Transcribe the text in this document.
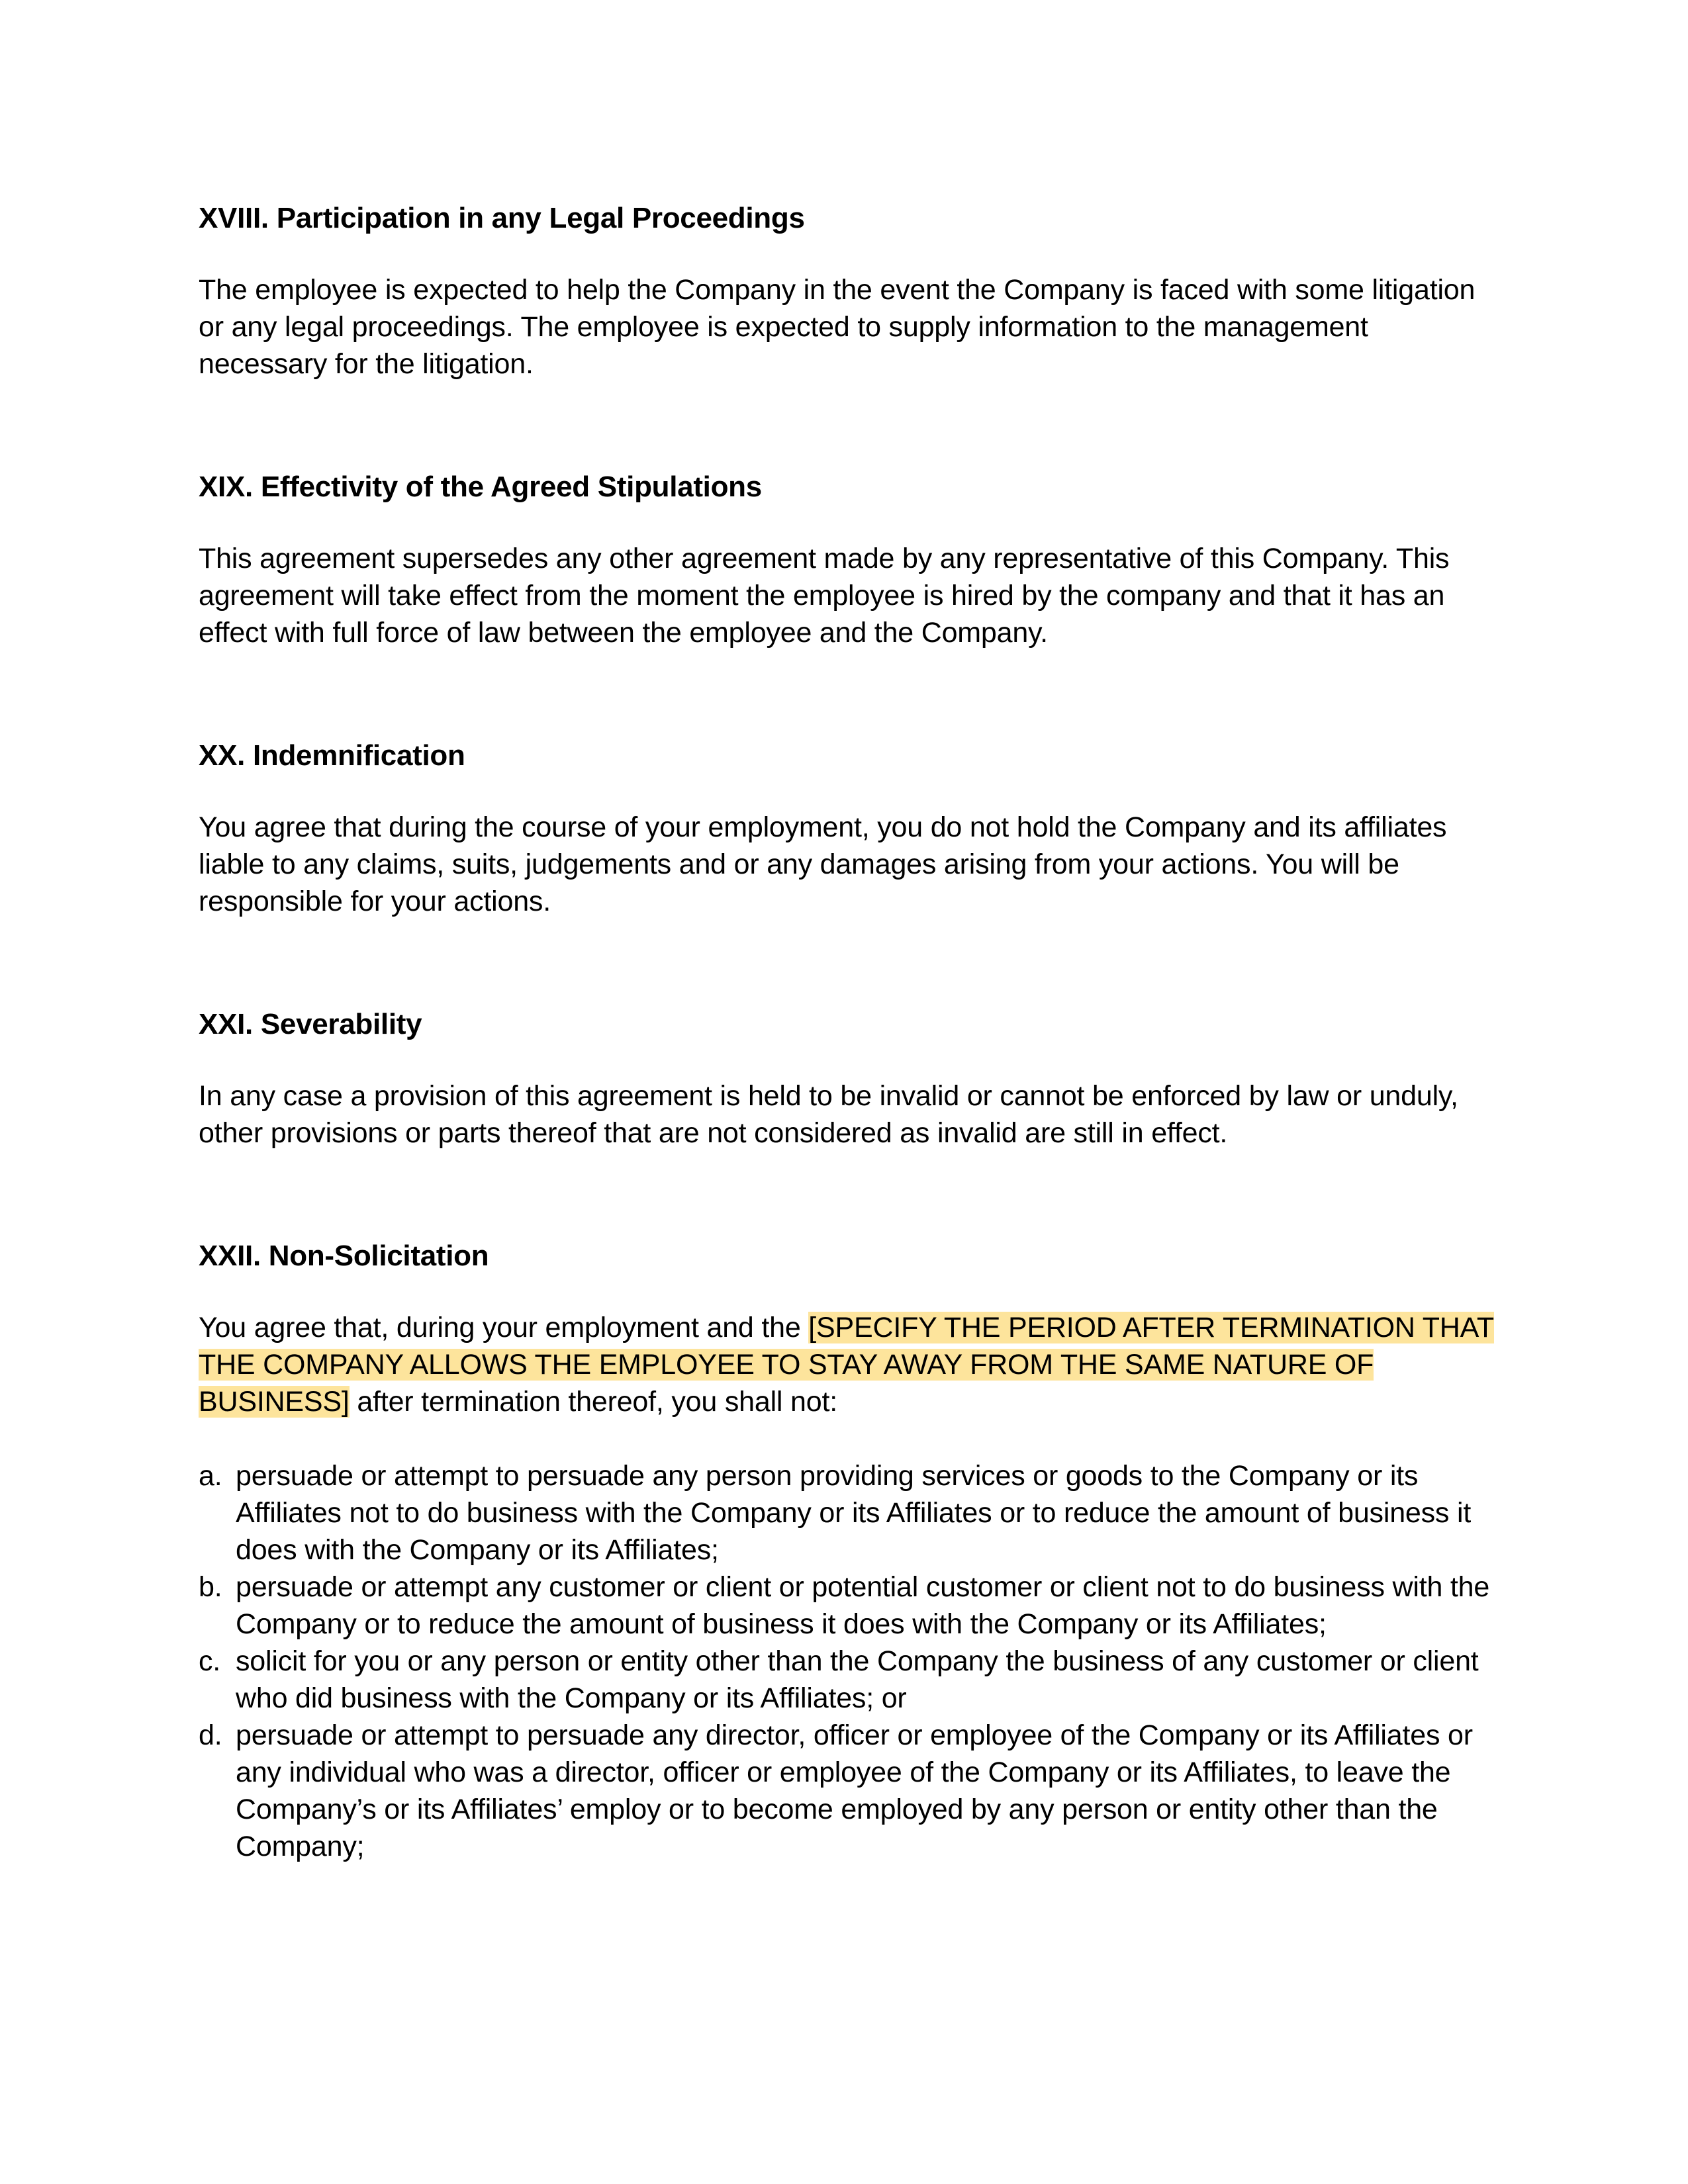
XVIII. Participation in any Legal Proceedings

The employee is expected to help the Company in the event the Company is faced with some litigation or any legal proceedings. The employee is expected to supply information to the management necessary for the litigation.

XIX. Effectivity of the Agreed Stipulations

This agreement supersedes any other agreement made by any representative of this Company. This agreement will take effect from the moment the employee is hired by the company and that it has an effect with full force of law between the employee and the Company.

XX. Indemnification

You agree that during the course of your employment, you do not hold the Company and its affiliates liable to any claims, suits, judgements and or any damages arising from your actions. You will be responsible for your actions.

XXI. Severability

In any case a provision of this agreement is held to be invalid or cannot be enforced by law or unduly, other provisions or parts thereof that are not considered as invalid are still in effect.

XXII. Non-Solicitation

You agree that, during your employment and the [SPECIFY THE PERIOD AFTER TERMINATION THAT THE COMPANY ALLOWS THE EMPLOYEE TO STAY AWAY FROM THE SAME NATURE OF BUSINESS] after termination thereof, you shall not:

a. persuade or attempt to persuade any person providing services or goods to the Company or its Affiliates not to do business with the Company or its Affiliates or to reduce the amount of business it does with the Company or its Affiliates;
b. persuade or attempt any customer or client or potential customer or client not to do business with the Company or to reduce the amount of business it does with the Company or its Affiliates;
c. solicit for you or any person or entity other than the Company the business of any customer or client who did business with the Company or its Affiliates; or
d. persuade or attempt to persuade any director, officer or employee of the Company or its Affiliates or any individual who was a director, officer or employee of the Company or its Affiliates, to leave the Company’s or its Affiliates’ employ or to become employed by any person or entity other than the Company;
